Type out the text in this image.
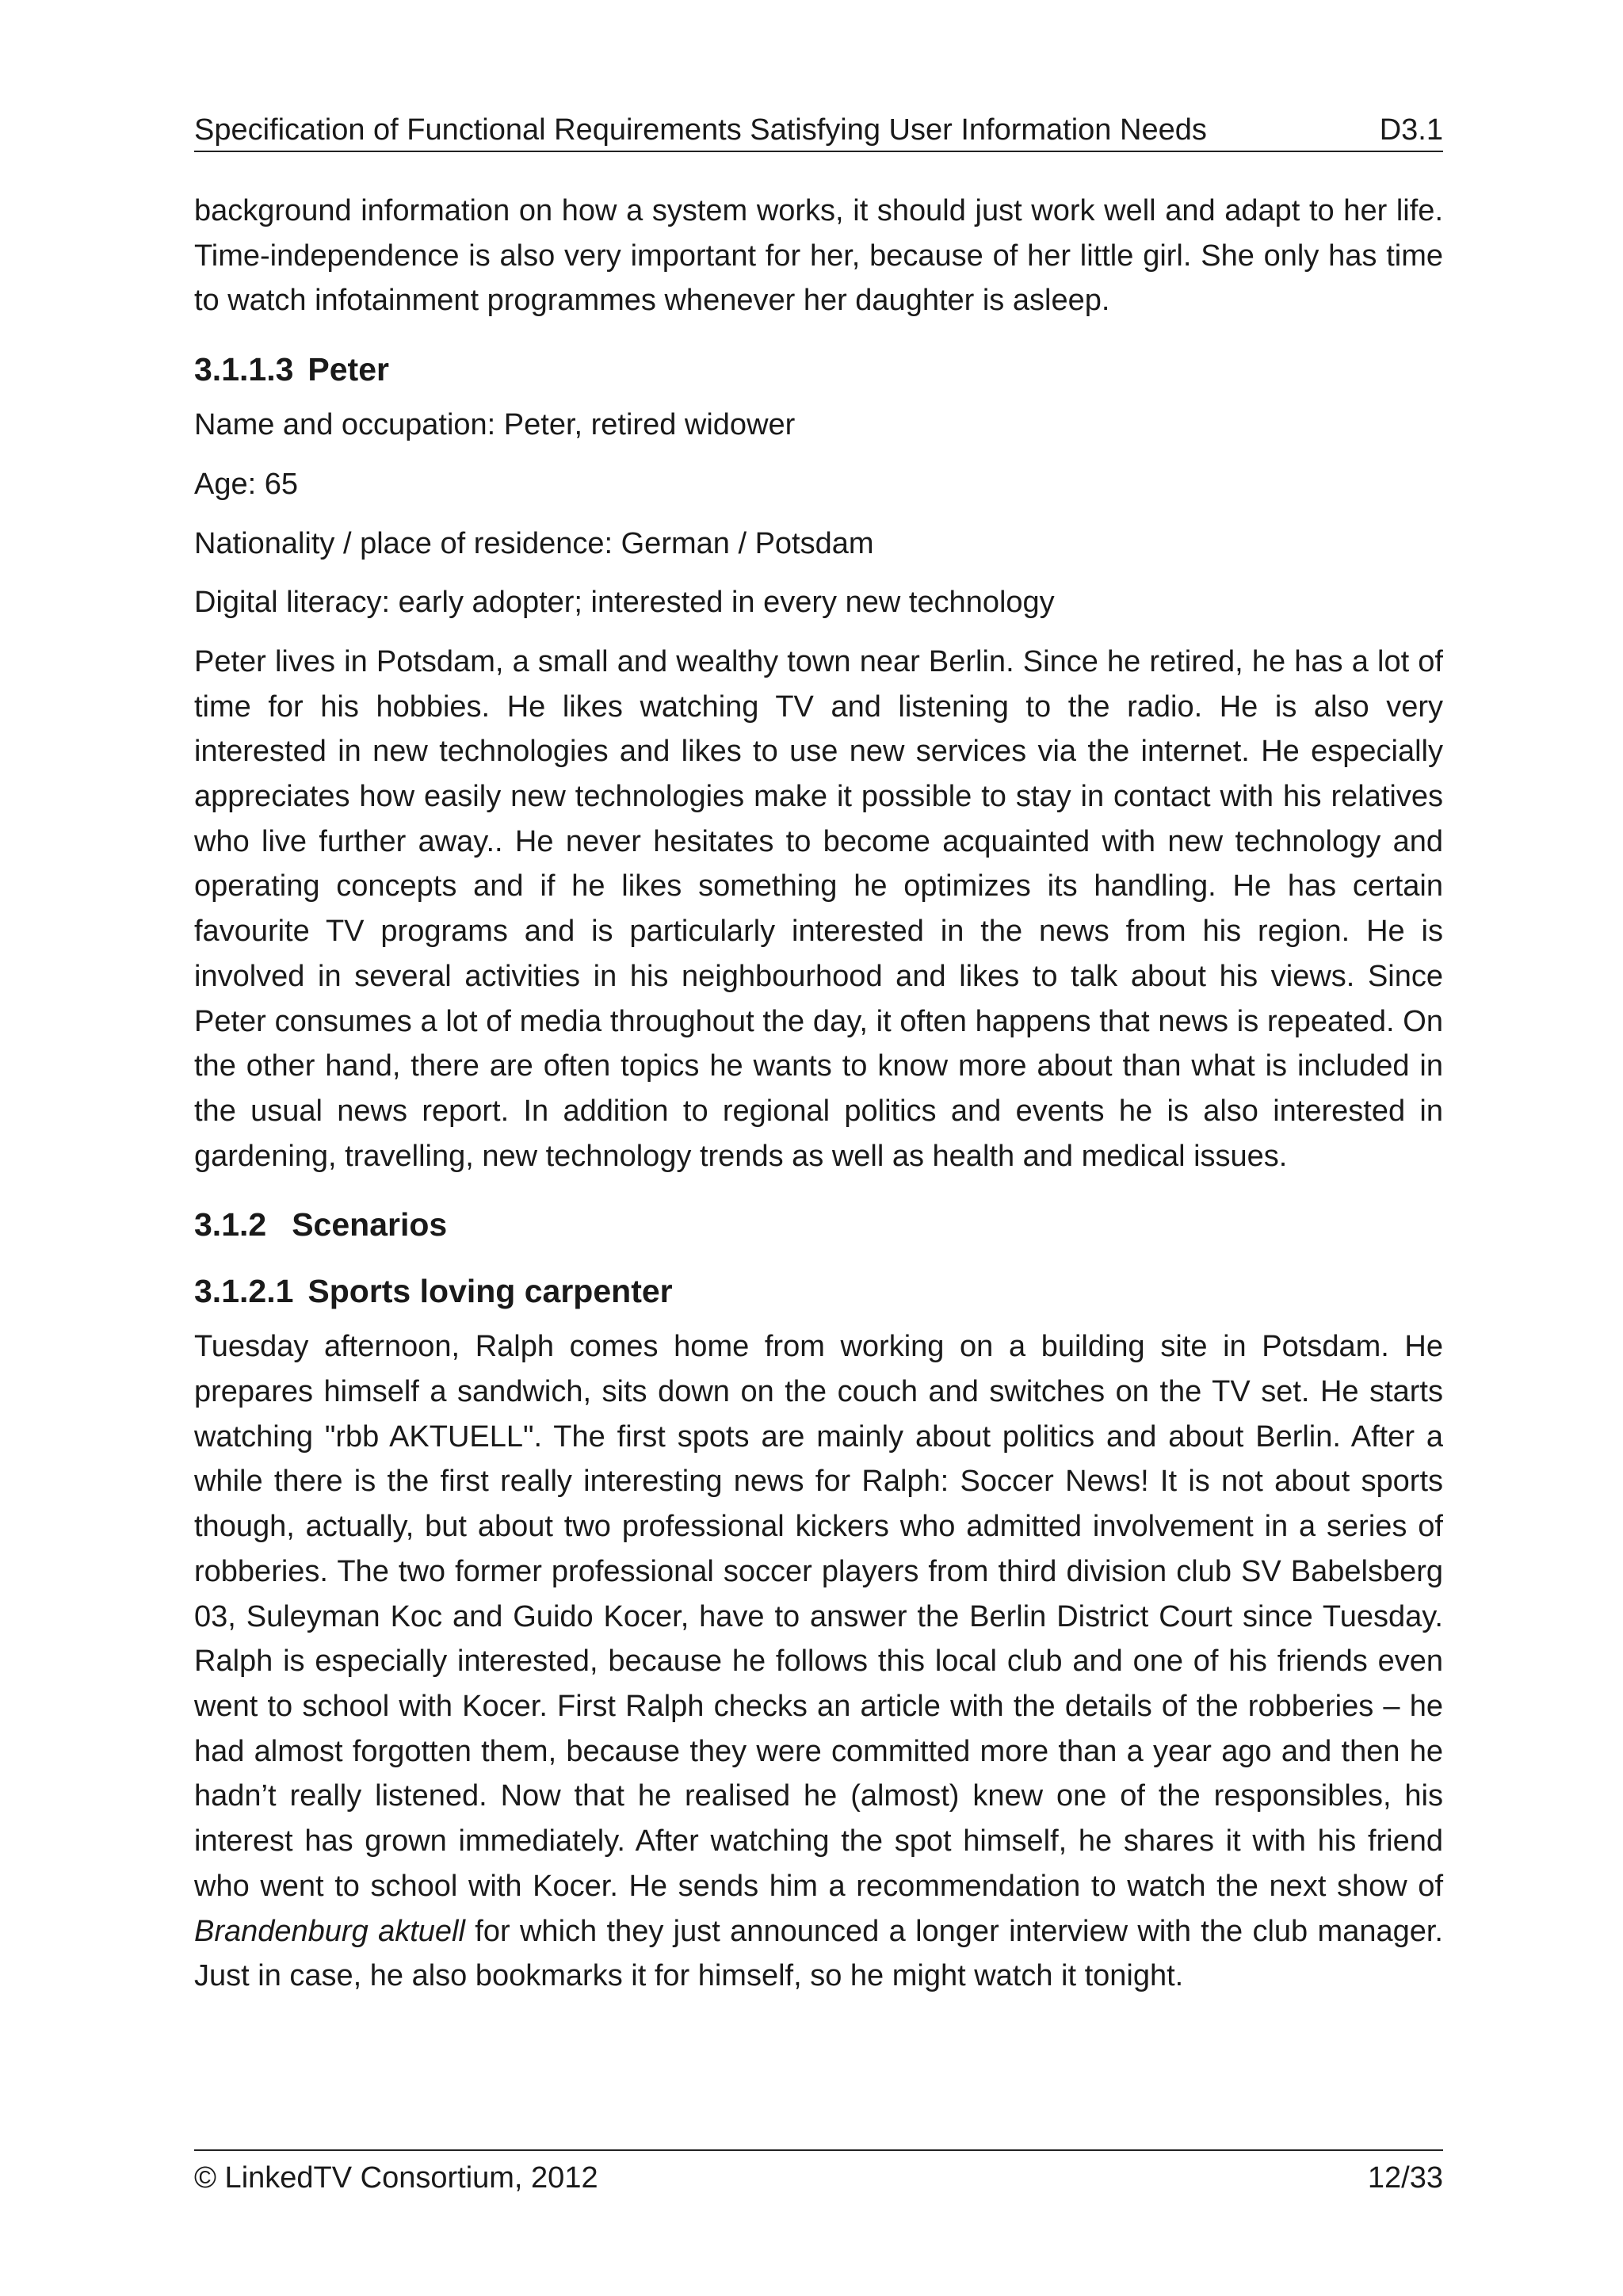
Specification of Functional Requirements Satisfying User Information Needs	D3.1

background information on how a system works, it should just work well and adapt to her life. Time-independence is also very important for her, because of her little girl. She only has time to watch infotainment programmes whenever her daughter is asleep.

3.1.1.3 Peter

Name and occupation: Peter, retired widower

Age: 65

Nationality / place of residence: German / Potsdam

Digital literacy: early adopter; interested in every new technology

Peter lives in Potsdam, a small and wealthy town near Berlin. Since he retired, he has a lot of time for his hobbies. He likes watching TV and listening to the radio. He is also very interested in new technologies and likes to use new services via the internet. He especially appreciates how easily new technologies make it possible to stay in contact with his relatives who live further away.. He never hesitates to become acquainted with new technology and operating concepts and if he likes something he optimizes its handling. He has certain favourite TV programs and is particularly interested in the news from his region. He is involved in several activities in his neighbourhood and likes to talk about his views. Since Peter consumes a lot of media throughout the day, it often happens that news is repeated. On the other hand, there are often topics he wants to know more about than what is included in the usual news report. In addition to regional politics and events he is also interested in gardening, travelling, new technology trends as well as health and medical issues.

3.1.2 Scenarios
3.1.2.1 Sports loving carpenter

Tuesday afternoon, Ralph comes home from working on a building site in Potsdam. He prepares himself a sandwich, sits down on the couch and switches on the TV set. He starts watching "rbb AKTUELL". The first spots are mainly about politics and about Berlin. After a while there is the first really interesting news for Ralph: Soccer News! It is not about sports though, actually, but about two professional kickers who admitted involvement in a series of robberies. The two former professional soccer players from third division club SV Babelsberg 03, Suleyman Koc and Guido Kocer, have to answer the Berlin District Court since Tuesday. Ralph is especially interested, because he follows this local club and one of his friends even went to school with Kocer. First Ralph checks an article with the details of the robberies – he had almost forgotten them, because they were committed more than a year ago and then he hadn’t really listened. Now that he realised he (almost) knew one of the responsibles, his interest has grown immediately. After watching the spot himself, he shares it with his friend who went to school with Kocer. He sends him a recommendation to watch the next show of Brandenburg aktuell for which they just announced a longer interview with the club manager. Just in case, he also bookmarks it for himself, so he might watch it tonight.

© LinkedTV Consortium, 2012	12/33
